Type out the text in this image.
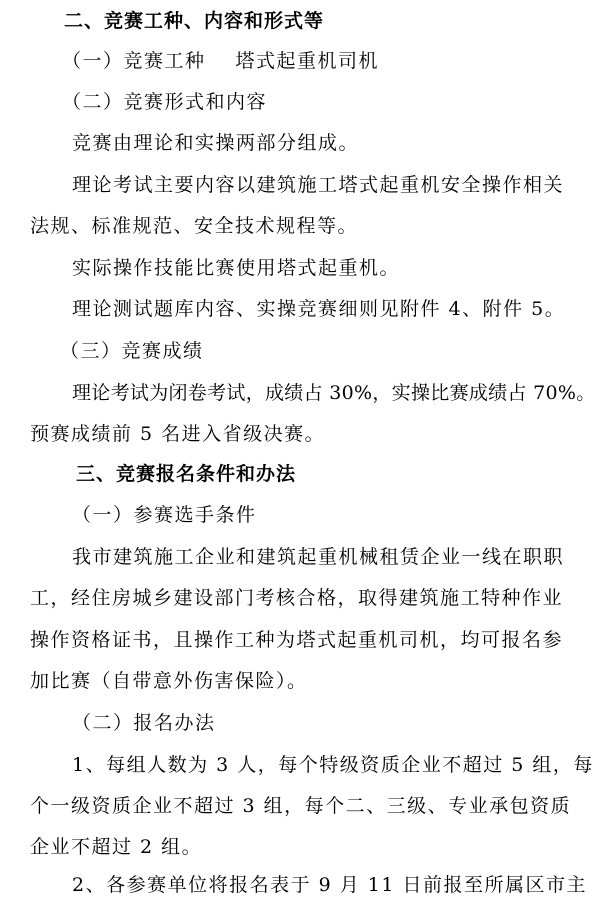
二、竞赛工种、内容和形式等
（一）竞赛工种 塔式起重机司机
（二）竞赛形式和内容
竞赛由理论和实操两部分组成。
理论考试主要内容以建筑施工塔式起重机安全操作相关
法规、标准规范、安全技术规程等。
实际操作技能比赛使用塔式起重机。
理论测试题库内容、实操竞赛细则见附件 4、附件 5。
（三）竞赛成绩
理论考试为闭卷考试，成绩占 30%，实操比赛成绩占 70%。
预赛成绩前 5 名进入省级决赛。
三、竞赛报名条件和办法
（一）参赛选手条件
我市建筑施工企业和建筑起重机械租赁企业一线在职职
工，经住房城乡建设部门考核合格，取得建筑施工特种作业
操作资格证书，且操作工种为塔式起重机司机，均可报名参
加比赛（自带意外伤害保险）。
（二）报名办法
1、每组人数为 3 人，每个特级资质企业不超过 5 组，每
个一级资质企业不超过 3 组，每个二、三级、专业承包资质
企业不超过 2 组。
2、各参赛单位将报名表于 9 月 11 日前报至所属区市主
